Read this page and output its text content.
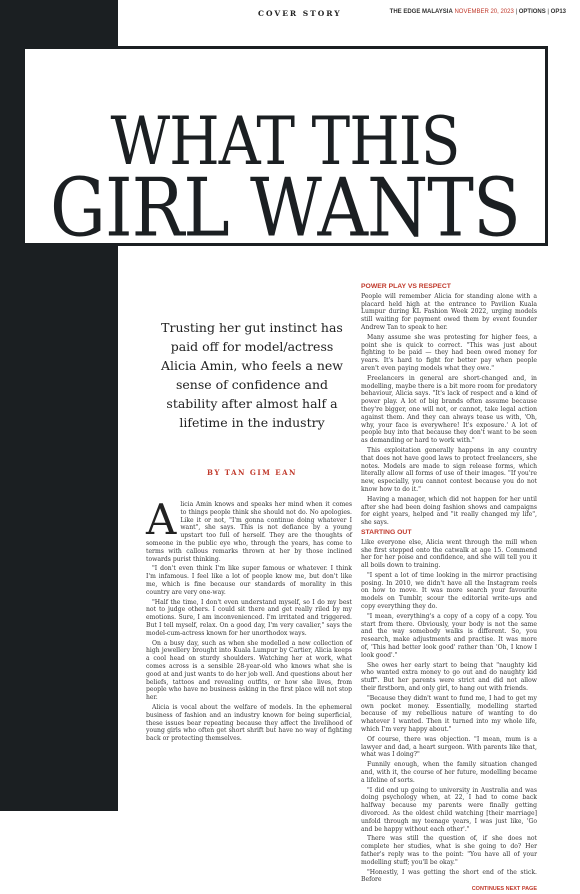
COVER STORY	THE EDGE MALAYSIA NOVEMBER 20, 2023 | OPTIONS | OP13
WHAT THIS
GIRL WANTS
Trusting her gut instinct has paid off for model/actress Alicia Amin, who feels a new sense of confidence and stability after almost half a lifetime in the industry
BY TAN GIM EAN

Alicia Amin knows and speaks her mind when it comes to things people think she should not do. No apologies. Like it or not, "I'm gonna continue doing whatever I want", she says. This is not defiance by a young upstart too full of herself. They are the thoughts of someone in the public eye who, through the years, has come to terms with callous remarks thrown at her by those inclined towards purist thinking.

"I don't even think I'm like super famous or whatever. I think I'm infamous. I feel like a lot of people know me, but don't like me, which is fine because our standards of morality in this country are very one-way.

"Half the time, I don't even understand myself, so I do my best not to judge others. I could sit there and get really riled by my emotions. Sure, I am inconvenienced. I'm irritated and triggered. But I tell myself, relax. On a good day, I'm very cavalier," says the model-cum-actress known for her unorthodox ways.

On a busy day, such as when she modelled a new collection of high jewellery brought into Kuala Lumpur by Cartier, Alicia keeps a cool head on sturdy shoulders. Watching her at work, what comes across is a sensible 28-year-old who knows what she is good at and just wants to do her job well. And questions about her beliefs, tattoos and revealing outfits, or how she lives, from people who have no business asking in the first place will not stop her.

Alicia is vocal about the welfare of models. In the ephemeral business of fashion and an industry known for being superficial, these issues bear repeating because they affect the livelihood of young girls who often get short shrift but have no way of fighting back or protecting themselves.

POWER PLAY VS RESPECT

People will remember Alicia for standing alone with a placard held high at the entrance to Pavilion Kuala Lumpur during KL Fashion Week 2022, urging models still waiting for payment owed them by event founder Andrew Tan to speak to her.

Many assume she was protesting for higher fees, a point she is quick to correct. "This was just about fighting to be paid — they had been owed money for years. It's hard to fight for better pay when people aren't even paying models what they owe."

Freelancers in general are short-changed and, in modelling, maybe there is a bit more room for predatory behaviour, Alicia says. "It's lack of respect and a kind of power play. A lot of big brands often assume because they're bigger, one will not, or cannot, take legal action against them. And they can always tease us with, 'Oh, why, your face is everywhere! It's exposure.' A lot of people buy into that because they don't want to be seen as demanding or hard to work with."

This exploitation generally happens in any country that does not have good laws to protect freelancers, she notes. Models are made to sign release forms, which literally allow all forms of use of their images. "If you're new, especially, you cannot contest because you do not know how to do it."

Having a manager, which did not happen for her until after she had been doing fashion shows and campaigns for eight years, helped and "it really changed my life", she says.

STARTING OUT

Like everyone else, Alicia went through the mill when she first stepped onto the catwalk at age 15. Commend her for her poise and confidence, and she will tell you it all boils down to training.

"I spent a lot of time looking in the mirror practising posing. In 2010, we didn't have all the Instagram reels on how to move. It was more search your favourite models on Tumblr, scour the editorial write-ups and copy everything they do.

"I mean, everything's a copy of a copy of a copy. You start from there. Obviously, your body is not the same and the way somebody walks is different. So, you research, make adjustments and practise. It was more of, 'This had better look good' rather than 'Oh, I know I look good'."

She owes her early start to being that "naughty kid who wanted extra money to go out and do naughty kid stuff". But her parents were strict and did not allow their firstborn, and only girl, to hang out with friends.

"Because they didn't want to fund me, I had to get my own pocket money. Essentially, modelling started because of my rebellious nature of wanting to do whatever I wanted. Then it turned into my whole life, which I'm very happy about."

Of course, there was objection. "I mean, mum is a lawyer and dad, a heart surgeon. With parents like that, what was I doing?"

Funnily enough, when the family situation changed and, with it, the course of her future, modelling became a lifeline of sorts.

"I did end up going to university in Australia and was doing psychology when, at 22, I had to come back halfway because my parents were finally getting divorced. As the oldest child watching [their marriage] unfold through my teenage years, I was just like, 'Go and be happy without each other'."

There was still the question of, if she does not complete her studies, what is she going to do? Her father's reply was to the point: "You have all of your modelling stuff; you'll be okay."

"Honestly, I was getting the short end of the stick. Before

CONTINUES NEXT PAGE
